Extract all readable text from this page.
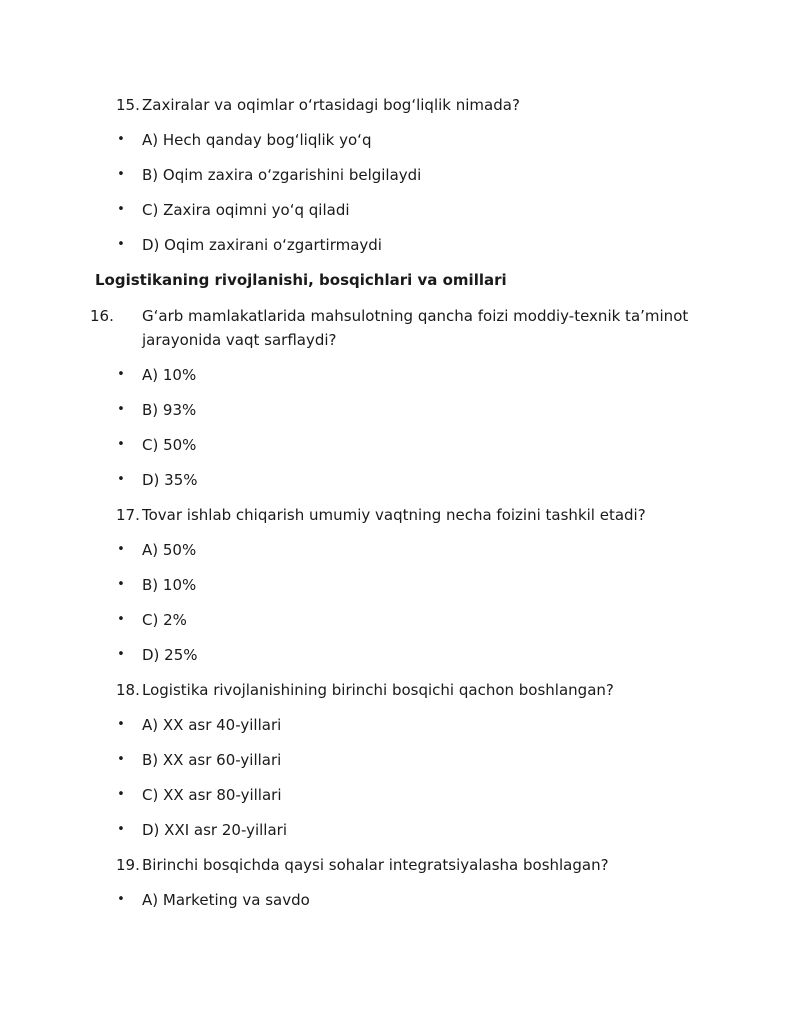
15. Zaxiralar va oqimlar o‘rtasidagi bog‘liqlik nimada?
• A) Hech qanday bog‘liqlik yo‘q
• B) Oqim zaxira o‘zgarishini belgilaydi
• C) Zaxira oqimni yo‘q qiladi
• D) Oqim zaxirani o‘zgartirmaydi
Logistikaning rivojlanishi, bosqichlari va omillari
16. G‘arb mamlakatlarida mahsulotning qancha foizi moddiy-texnik ta’minot jarayonida vaqt sarflaydi?
• A) 10%
• B) 93%
• C) 50%
• D) 35%
17. Tovar ishlab chiqarish umumiy vaqtning necha foizini tashkil etadi?
• A) 50%
• B) 10%
• C) 2%
• D) 25%
18. Logistika rivojlanishining birinchi bosqichi qachon boshlangan?
• A) XX asr 40-yillari
• B) XX asr 60-yillari
• C) XX asr 80-yillari
• D) XXI asr 20-yillari
19. Birinchi bosqichda qaysi sohalar integratsiyalasha boshlagan?
• A) Marketing va savdo
